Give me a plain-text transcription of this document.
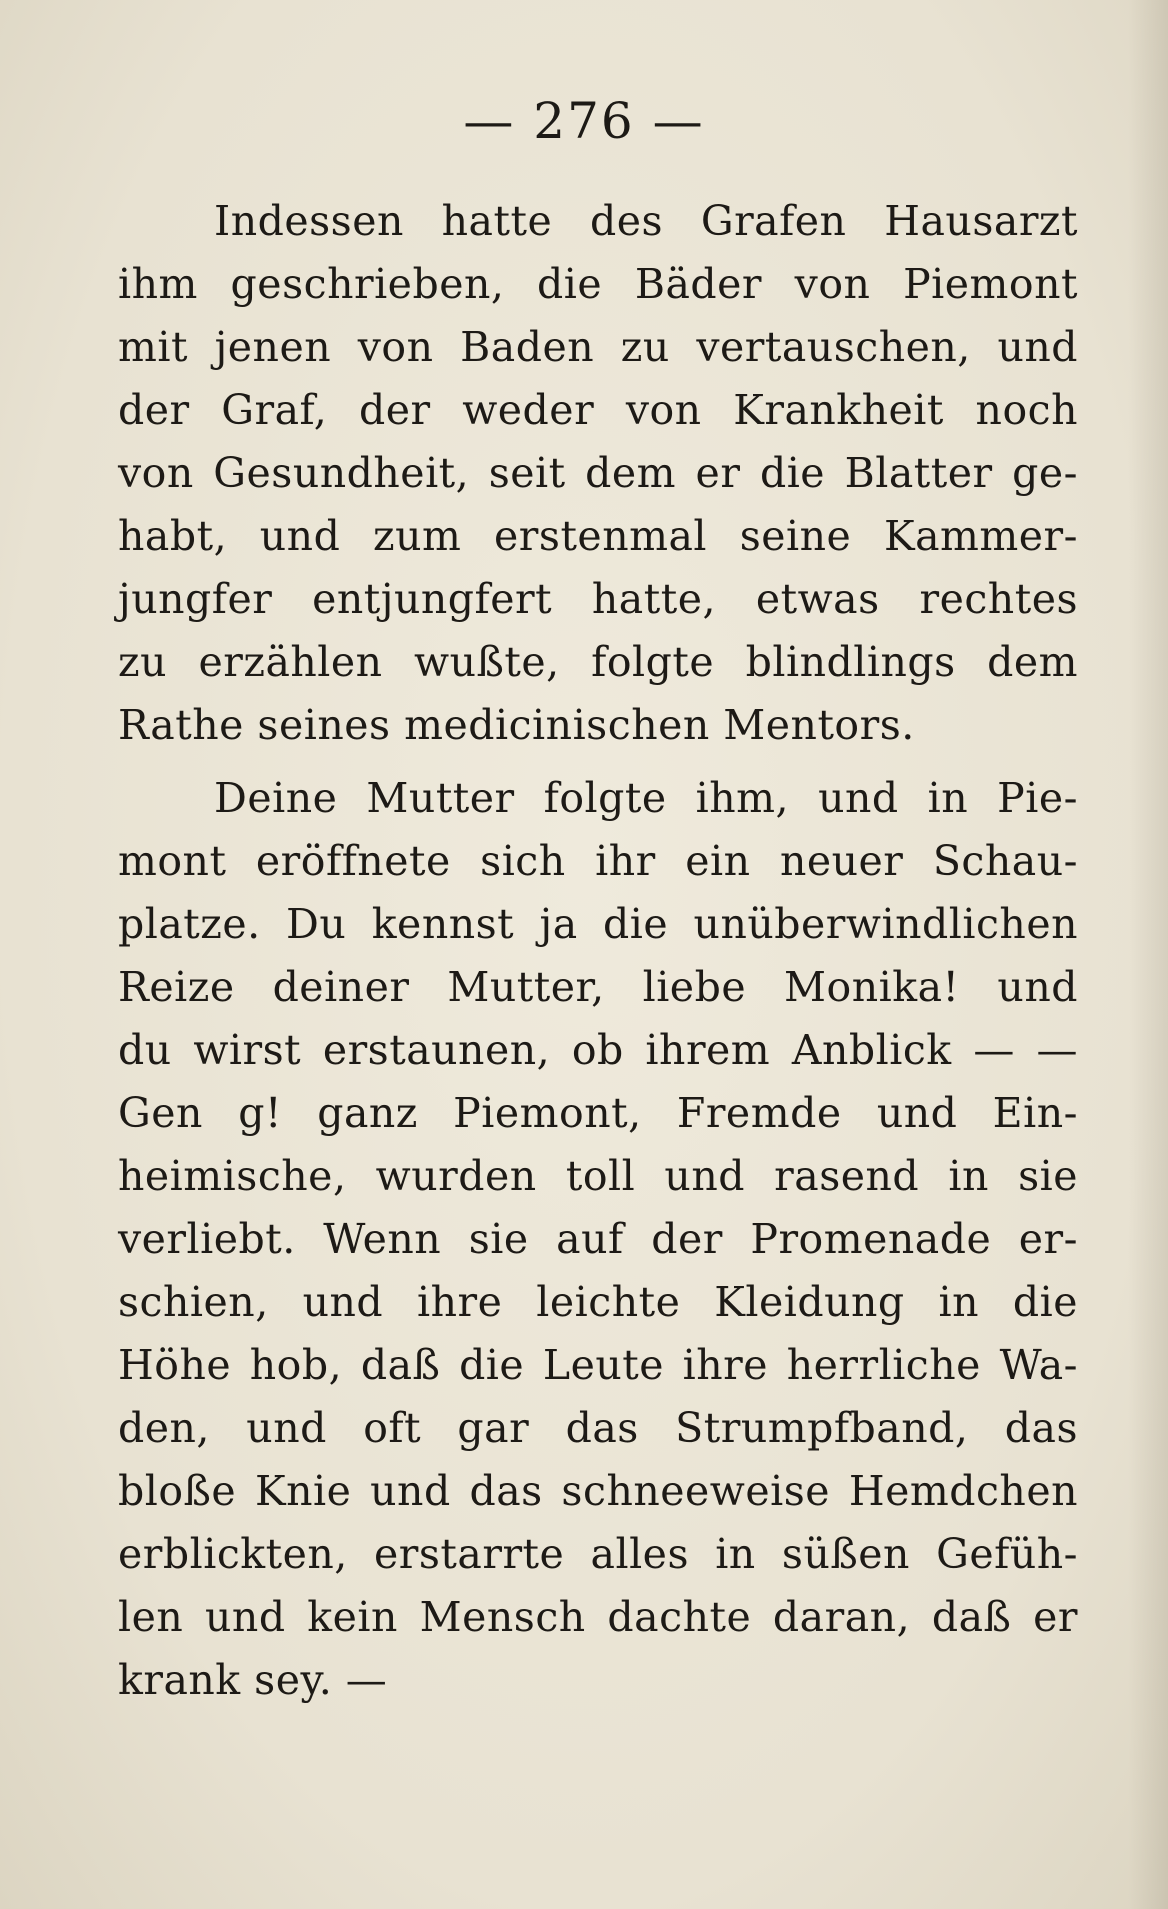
— 276 —
Indessen hatte des Grafen Hausarzt
ihm geschrieben, die Bäder von Piemont
mit jenen von Baden zu vertauschen, und
der Graf, der weder von Krankheit noch
von Gesundheit, seit dem er die Blatter ge-
habt, und zum erstenmal seine Kammer-
jungfer entjungfert hatte, etwas rechtes
zu erzählen wußte, folgte blindlings dem
Rathe seines medicinischen Mentors.
Deine Mutter folgte ihm, und in Pie-
mont eröffnete sich ihr ein neuer Schau-
platze. Du kennst ja die unüberwindlichen
Reize deiner Mutter, liebe Monika! und
du wirst erstaunen, ob ihrem Anblick — —
Gen g! ganz Piemont, Fremde und Ein-
heimische, wurden toll und rasend in sie
verliebt. Wenn sie auf der Promenade er-
schien, und ihre leichte Kleidung in die
Höhe hob, daß die Leute ihre herrliche Wa-
den, und oft gar das Strumpfband, das
bloße Knie und das schneeweise Hemdchen
erblickten, erstarrte alles in süßen Gefüh-
len und kein Mensch dachte daran, daß er
krank sey. —
